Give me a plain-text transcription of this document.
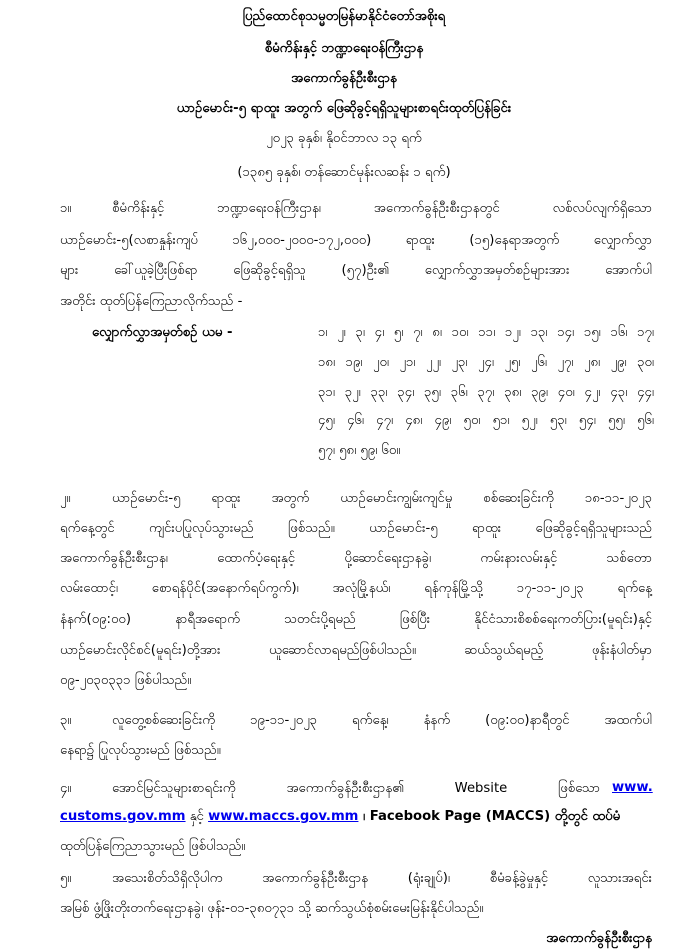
ပြည်ထောင်စုသမ္မတမြန်မာနိုင်ငံတော်အစိုးရ
စီမံကိန်းနှင့် ဘဏ္ဍာရေးဝန်ကြီးဌာန
အကောက်ခွန်ဦးစီးဌာန
ယာဉ်မောင်း-၅ ရာထူး အတွက် ဖြေဆိုခွင့်ရရှိသူများစာရင်းထုတ်ပြန်ခြင်း
၂၀၂၃ ခုနှစ်၊ နိုဝင်ဘာလ ၁၃ ရက်
(၁၃၈၅ ခုနှစ်၊ တန်ဆောင်မုန်းလဆန်း ၁ ရက်)
၁။	စီမံကိန်းနှင့် ဘဏ္ဍာရေးဝန်ကြီးဌာန၊ အကောက်ခွန်ဦးစီးဌာနတွင် လစ်လပ်လျက်ရှိသော
ယာဉ်မောင်း-၅(လစာနှုန်းကျပ် ၁၆၂,၀၀၀-၂၀၀၀-၁၇၂,၀၀၀) ရာထူး (၁၅)နေရာအတွက် လျှောက်လွှာ
များ ခေါ်ယူခဲ့ပြီးဖြစ်ရာ ဖြေဆိုခွင့်ရရှိသူ (၅၇)ဦး၏ လျှောက်လွှာအမှတ်စဉ်များအား အောက်ပါ
အတိုင်း ထုတ်ပြန်ကြေညာလိုက်သည် -
လျှောက်လွှာအမှတ်စဉ် ယမ -	၁၊ ၂၊ ၃၊ ၄၊ ၅၊ ၇၊ ၈၊ ၁၀၊ ၁၁၊ ၁၂၊ ၁၃၊ ၁၄၊ ၁၅၊ ၁၆၊ ၁၇၊
၁၈၊ ၁၉၊ ၂၀၊ ၂၁၊ ၂၂၊ ၂၃၊ ၂၄၊ ၂၅၊ ၂၆၊ ၂၇၊ ၂၈၊ ၂၉၊ ၃၀၊
၃၁၊ ၃၂၊ ၃၃၊ ၃၄၊ ၃၅၊ ၃၆၊ ၃၇၊ ၃၈၊ ၃၉၊ ၄၀၊ ၄၂၊ ၄၃၊ ၄၄၊
၄၅၊ ၄၆၊ ၄၇၊ ၄၈၊ ၄၉၊ ၅၀၊ ၅၁၊ ၅၂၊ ၅၃၊ ၅၄၊ ၅၅၊ ၅၆၊
၅၇၊ ၅၈၊ ၅၉၊ ၆၀။
၂။	ယာဉ်မောင်း-၅ ရာထူး အတွက် ယာဉ်မောင်းကျွမ်းကျင်မှု စစ်ဆေးခြင်းကို ၁၈-၁၁-၂၀၂၃
ရက်နေ့တွင် ကျင်းပပြုလုပ်သွားမည် ဖြစ်သည်။ ယာဉ်မောင်း-၅ ရာထူး ဖြေဆိုခွင့်ရရှိသူများသည်
အကောက်ခွန်ဦးစီးဌာန၊ ထောက်ပံ့ရေးနှင့် ပို့ဆောင်ရေးဌာနခွဲ၊ ကမ်းနားလမ်းနှင့် သစ်တော
လမ်းထောင့်၊ စောရန်ပိုင်(အနောက်ရပ်ကွက်)၊ အလုံမြို့နယ်၊ ရန်ကုန်မြို့သို့ ၁၇-၁၁-၂၀၂၃ ရက်နေ့
နံနက်(၀၉:၀၀) နာရီအရောက် သတင်းပို့ရမည် ဖြစ်ပြီး နိုင်ငံသားစိစစ်ရေးကတ်ပြား(မူရင်း)နှင့်
ယာဉ်မောင်းလိုင်စင်(မူရင်း)တို့အား ယူဆောင်လာရမည်ဖြစ်ပါသည်။ ဆယ်သွယ်ရမည့် ဖုန်းနံပါတ်မှာ
၀၉-၂၀၃၀၃၃၁ ဖြစ်ပါသည်။
၃။	လူတွေ့စစ်ဆေးခြင်းကို ၁၉-၁၁-၂၀၂၃ ရက်နေ့၊ နံနက် (၀၉:၀၀)နာရီတွင် အထက်ပါ
နေရာ၌ ပြုလုပ်သွားမည် ဖြစ်သည်။
၄။	အောင်မြင်သူများစာရင်းကို အကောက်ခွန်ဦးစီးဌာန၏ Website ဖြစ်သော www.
customs.gov.mm နှင့် www.maccs.gov.mm ၊ Facebook Page (MACCS) တို့တွင် ထပ်မံ
ထုတ်ပြန်ကြေညာသွားမည် ဖြစ်ပါသည်။
၅။	အသေးစိတ်သိရှိလိုပါက အကောက်ခွန်ဦးစီးဌာန (ရုံးချုပ်)၊ စီမံခန့်ခွဲမှုနှင့် လူသားအရင်း
အမြစ် ဖွံ့ဖြိုးတိုးတက်ရေးဌာနခွဲ၊ ဖုန်း-၀၁-၃၈၀၇၃၁ သို့ ဆက်သွယ်စုံစမ်းမေးမြန်းနိုင်ပါသည်။
အကောက်ခွန်ဦးစီးဌာန
